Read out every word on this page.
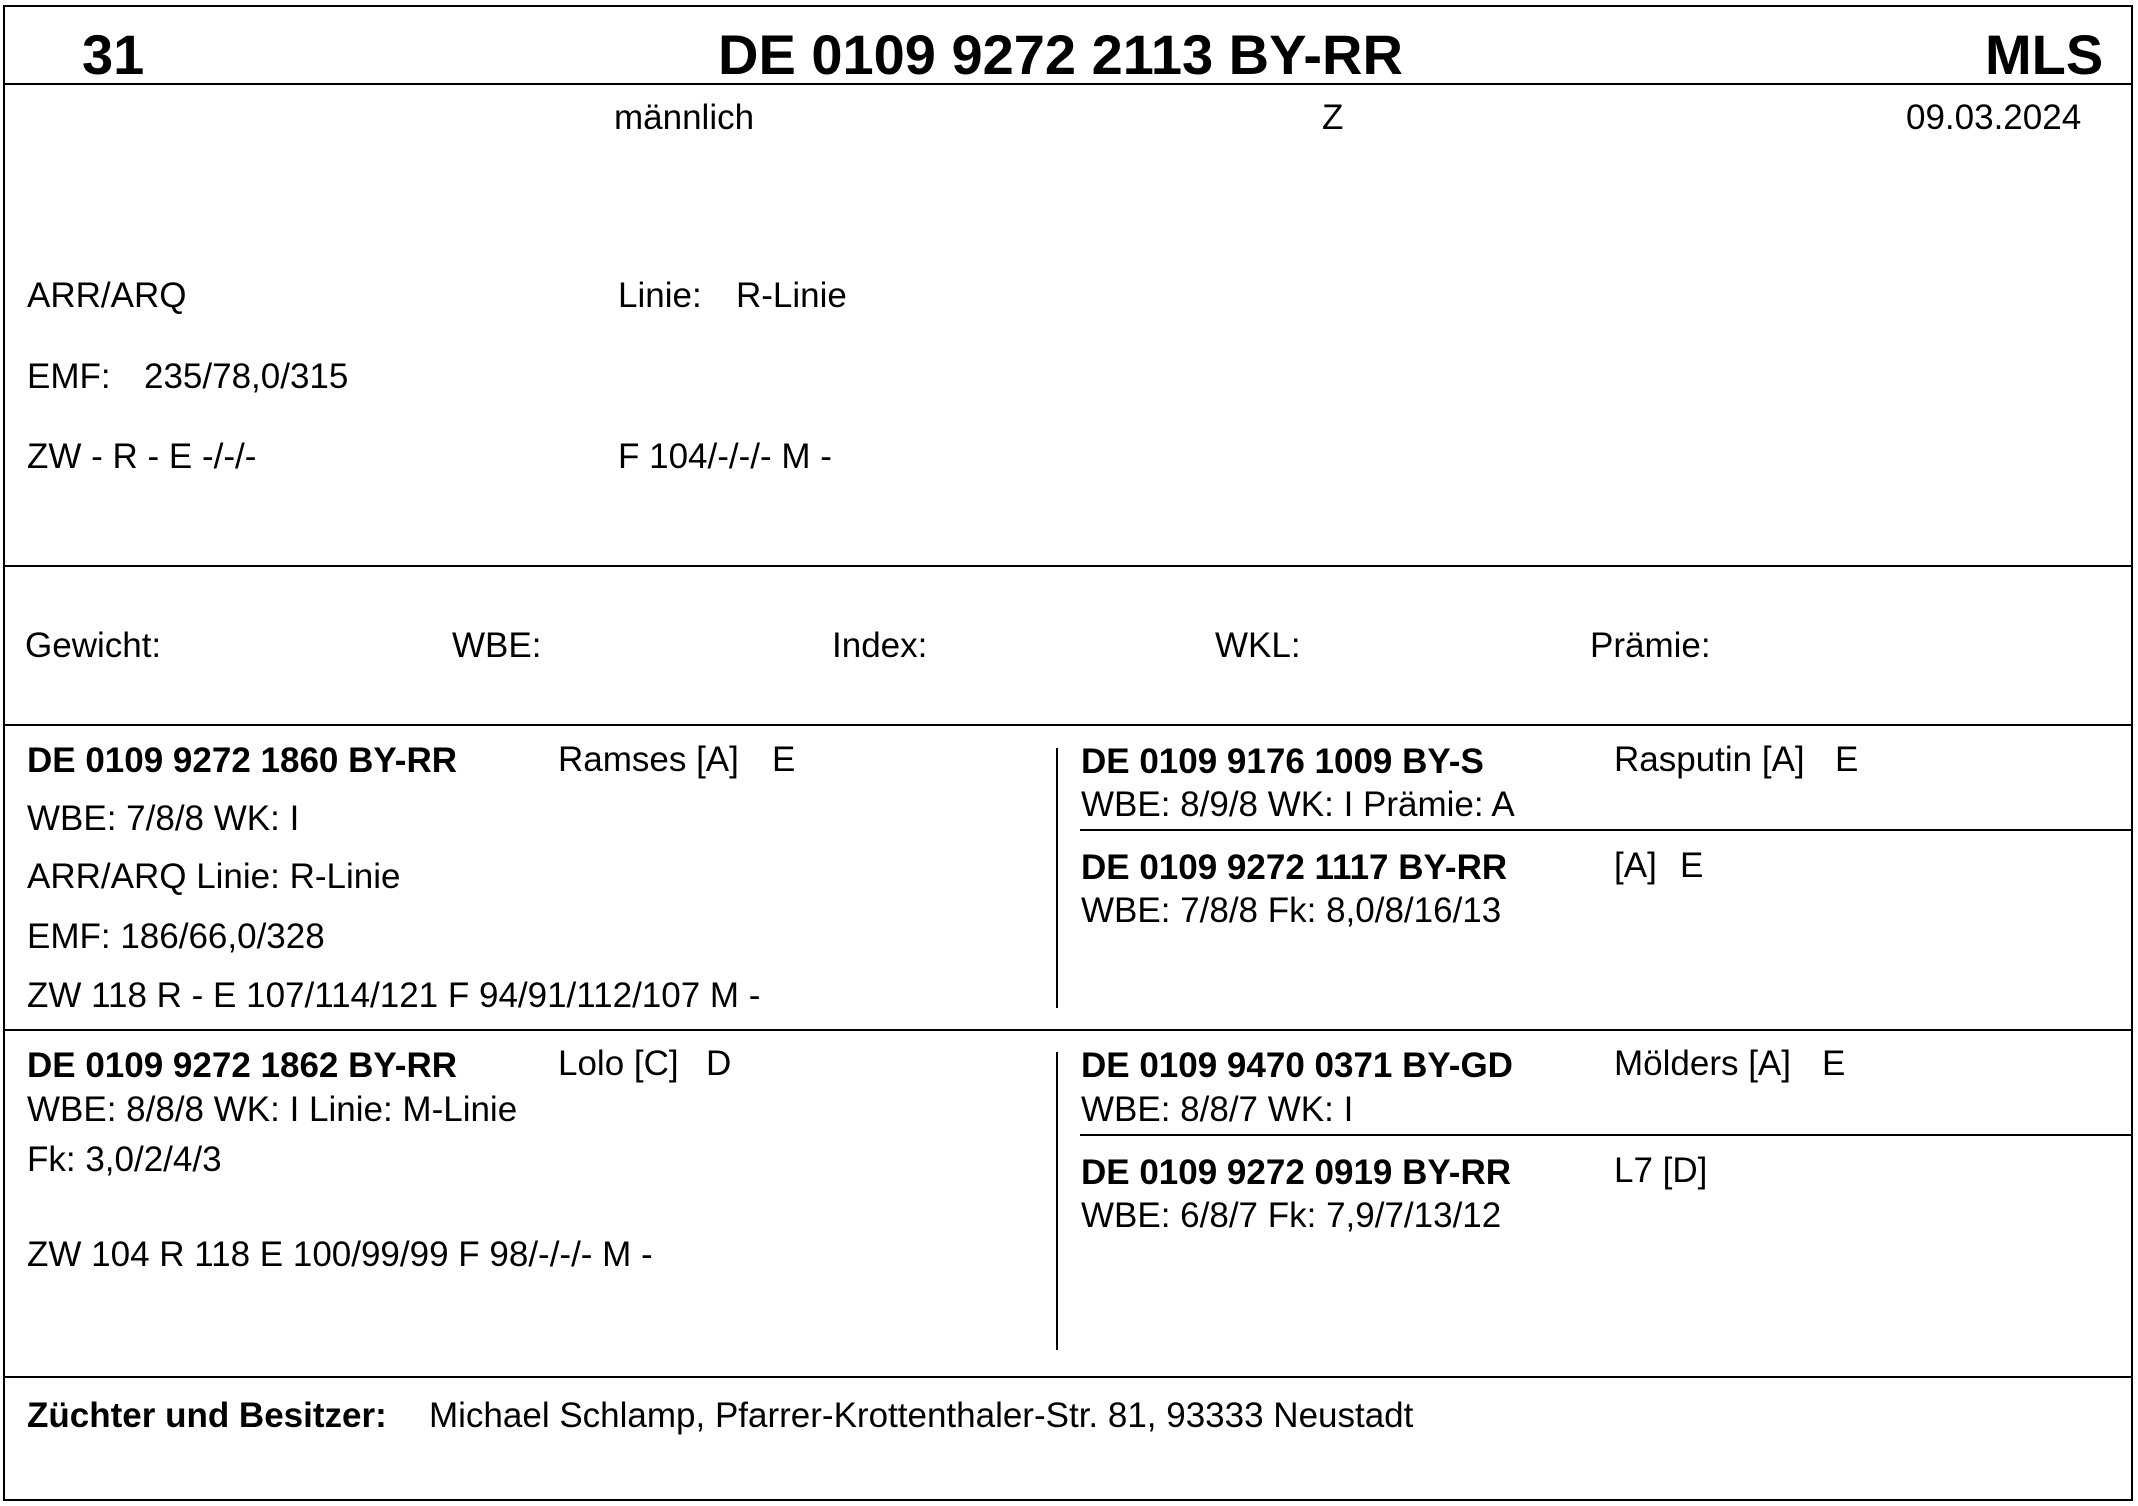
31	DE 0109 9272 2113 BY-RR	MLS
männlich	Z	09.03.2024
ARR/ARQ	Linie: R-Linie
EMF: 235/78,0/315
ZW - R - E -/-/-	F 104/-/-/- M -
Gewicht:	WBE:	Index:	WKL:	Prämie:
DE 0109 9272 1860 BY-RR	Ramses [A] E
WBE: 7/8/8 WK: I
ARR/ARQ Linie: R-Linie
EMF: 186/66,0/328
ZW 118 R - E 107/114/121 F 94/91/112/107 M -
DE 0109 9176 1009 BY-S	Rasputin [A] E
WBE: 8/9/8 WK: I Prämie: A
DE 0109 9272 1117 BY-RR	[A] E
WBE: 7/8/8 Fk: 8,0/8/16/13
DE 0109 9272 1862 BY-RR	Lolo [C] D
WBE: 8/8/8 WK: I Linie: M-Linie
Fk: 3,0/2/4/3
ZW 104 R 118 E 100/99/99 F 98/-/-/- M -
DE 0109 9470 0371 BY-GD	Mölders [A] E
WBE: 8/8/7 WK: I
DE 0109 9272 0919 BY-RR	L7 [D]
WBE: 6/8/7 Fk: 7,9/7/13/12
Züchter und Besitzer: Michael Schlamp, Pfarrer-Krottenthaler-Str. 81, 93333 Neustadt
